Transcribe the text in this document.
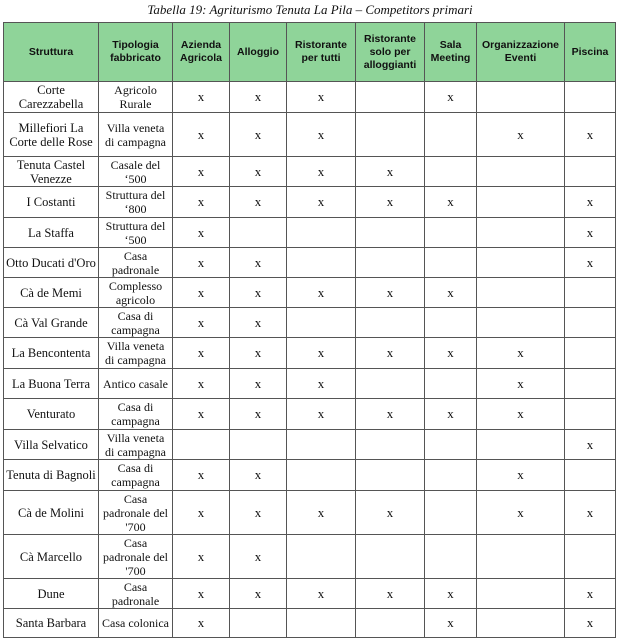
Tabella 19: Agriturismo Tenuta La Pila – Competitors primari
Struttura	Tipologia fabbricato	Azienda Agricola	Alloggio	Ristorante per tutti	Ristorante solo per alloggianti	Sala Meeting	Organizzazione Eventi	Piscina
Corte Carezzabella	Agricolo Rurale	x	x	x		x		
Millefiori La Corte delle Rose	Villa veneta di campagna	x	x	x			x	x
Tenuta Castel Venezze	Casale del ‘500	x	x	x	x			
I Costanti	Struttura del ‘800	x	x	x	x	x		x
La Staffa	Struttura del ‘500	x						x
Otto Ducati d'Oro	Casa padronale	x	x					x
Cà de Memi	Complesso agricolo	x	x	x	x	x		
Cà Val Grande	Casa di campagna	x	x					
La Bencontenta	Villa veneta di campagna	x	x	x	x	x	x	
La Buona Terra	Antico casale	x	x	x			x	
Venturato	Casa di campagna	x	x	x	x	x	x	
Villa Selvatico	Villa veneta di campagna							x
Tenuta di Bagnoli	Casa di campagna	x	x				x	
Cà de Molini	Casa padronale del '700	x	x	x	x		x	x
Cà Marcello	Casa padronale del '700	x	x					
Dune	Casa padronale	x	x	x	x	x		x
Santa Barbara	Casa colonica	x				x		x
